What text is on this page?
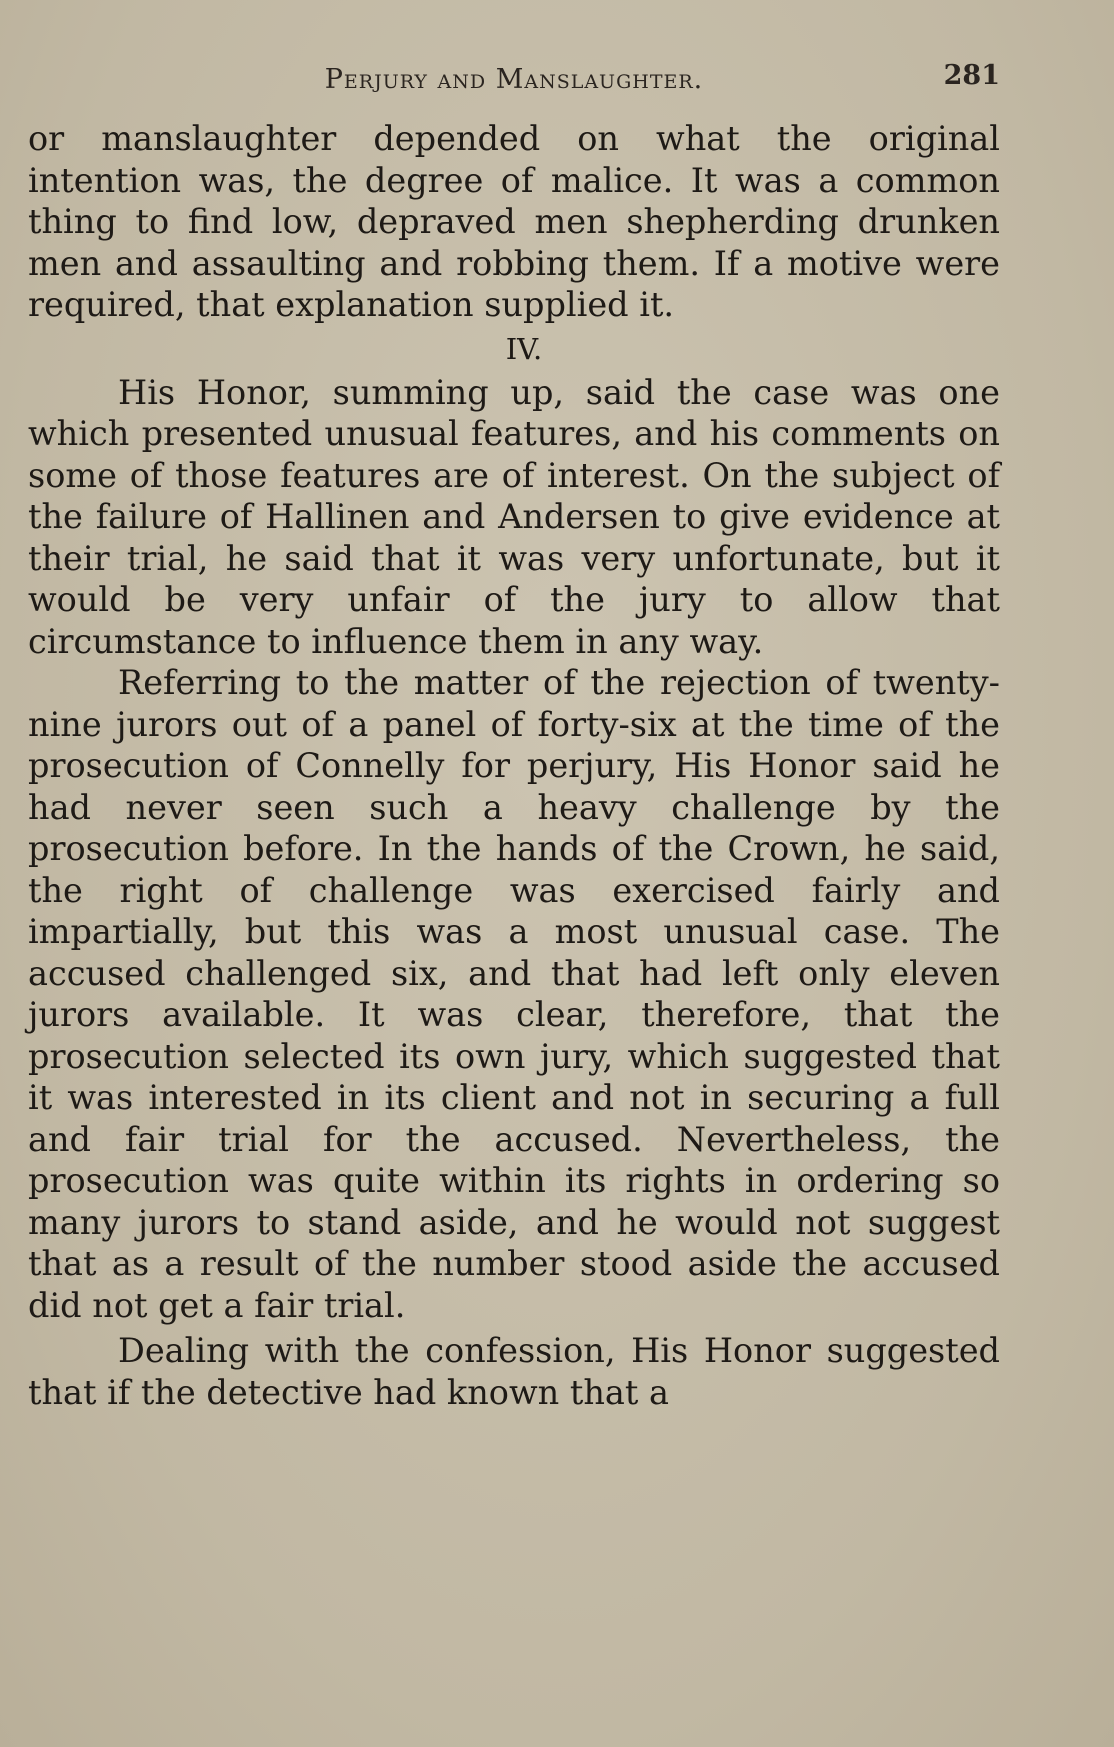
Perjury and Manslaughter.	281

or manslaughter depended on what the original intention was, the degree of malice. It was a common thing to find low, depraved men shepherding drunken men and assaulting and robbing them. If a motive were required, that explanation supplied it.

IV.

His Honor, summing up, said the case was one which presented unusual features, and his comments on some of those features are of interest. On the subject of the failure of Hallinen and Andersen to give evidence at their trial, he said that it was very unfortunate, but it would be very unfair of the jury to allow that circumstance to influence them in any way.

Referring to the matter of the rejection of twenty-nine jurors out of a panel of forty-six at the time of the prosecution of Connelly for perjury, His Honor said he had never seen such a heavy challenge by the prosecution before. In the hands of the Crown, he said, the right of challenge was exercised fairly and impartially, but this was a most unusual case. The accused challenged six, and that had left only eleven jurors available. It was clear, therefore, that the prosecution selected its own jury, which suggested that it was interested in its client and not in securing a full and fair trial for the accused. Nevertheless, the prosecution was quite within its rights in ordering so many jurors to stand aside, and he would not suggest that as a result of the number stood aside the accused did not get a fair trial.

Dealing with the confession, His Honor suggested that if the detective had known that a
